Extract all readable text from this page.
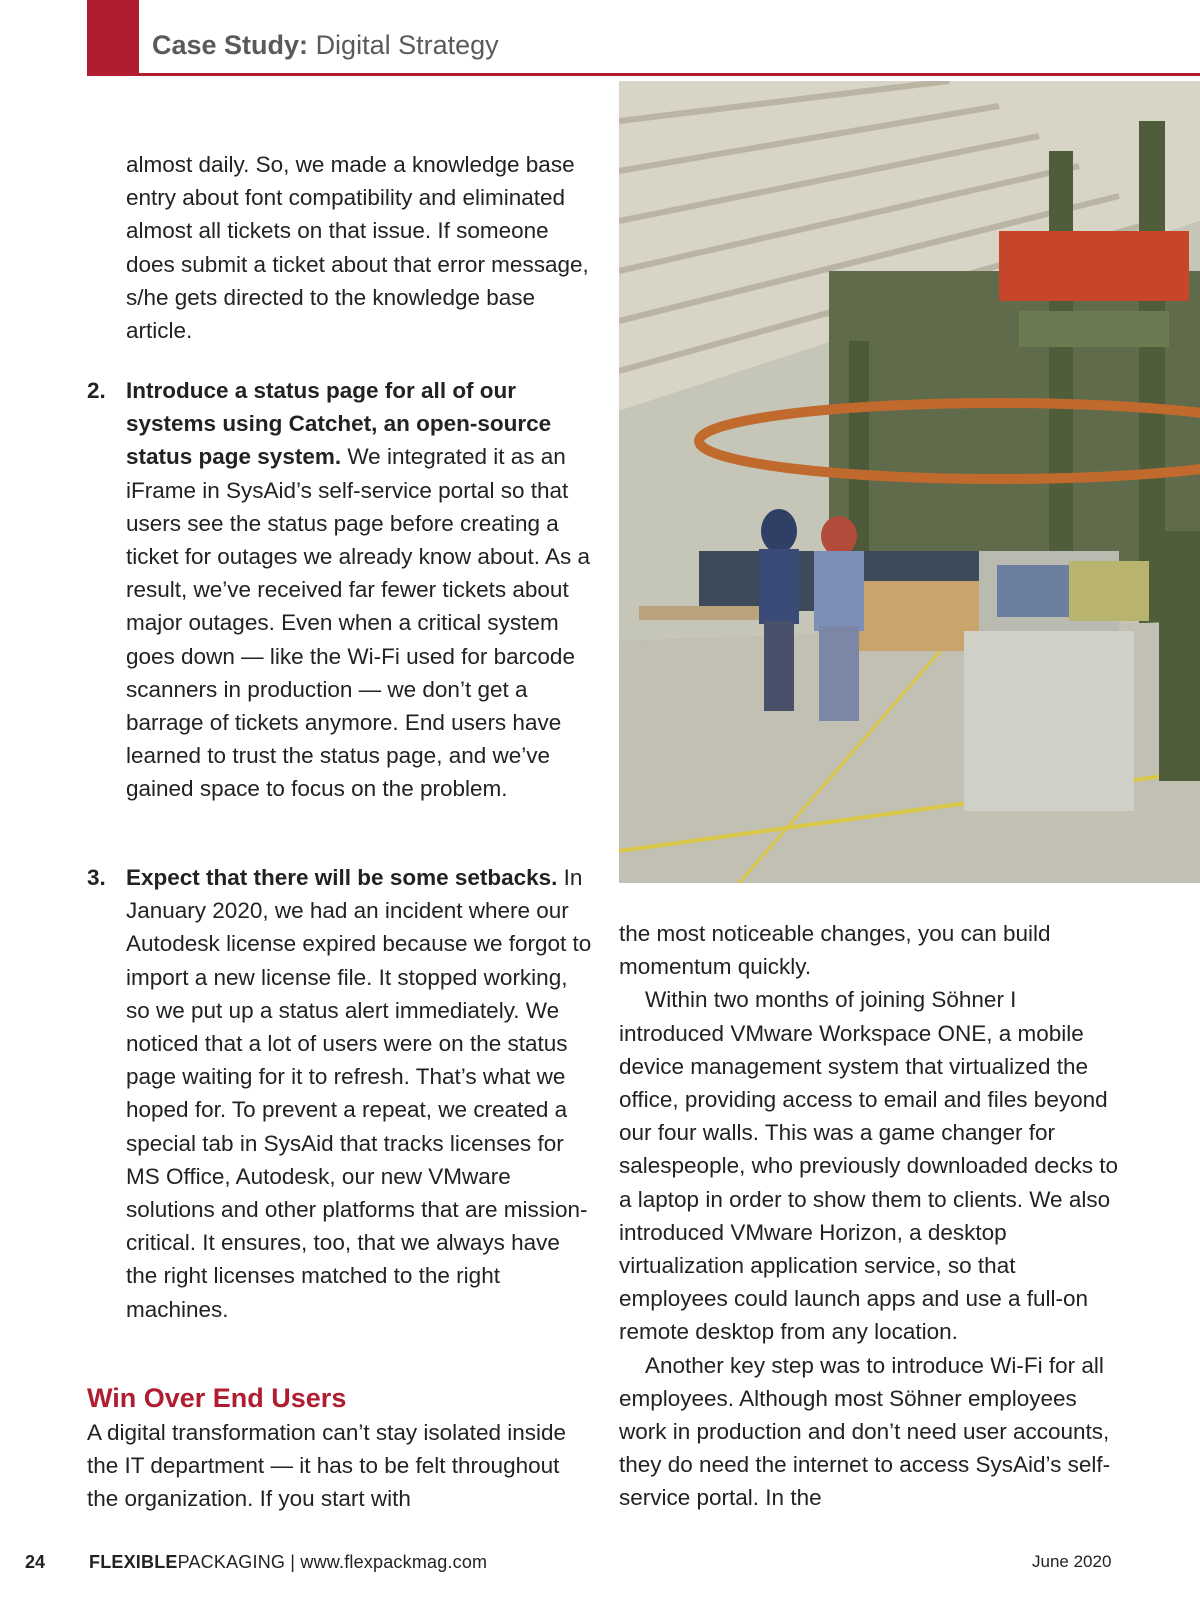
Case Study: Digital Strategy
almost daily. So, we made a knowledge base entry about font compatibility and eliminated almost all tickets on that issue. If someone does submit a ticket about that error message, s/he gets directed to the knowledge base article.
2. Introduce a status page for all of our systems using Catchet, an open-source status page system. We integrated it as an iFrame in SysAid’s self-service portal so that users see the status page before creating a ticket for outages we already know about. As a result, we’ve received far fewer tickets about major outages. Even when a critical system goes down — like the Wi-Fi used for barcode scanners in production — we don’t get a barrage of tickets anymore. End users have learned to trust the status page, and we’ve gained space to focus on the problem.
3. Expect that there will be some setbacks. In January 2020, we had an incident where our Autodesk license expired because we forgot to import a new license file. It stopped working, so we put up a status alert immediately. We noticed that a lot of users were on the status page waiting for it to refresh. That’s what we hoped for. To prevent a repeat, we created a special tab in SysAid that tracks licenses for MS Office, Autodesk, our new VMware solutions and other platforms that are mission-critical. It ensures, too, that we always have the right licenses matched to the right machines.
Win Over End Users
A digital transformation can’t stay isolated inside the IT department — it has to be felt throughout the organization. If you start with

the most noticeable changes, you can build momentum quickly.

Within two months of joining Söhner I introduced VMware Workspace ONE, a mobile device management system that virtualized the office, providing access to email and files beyond our four walls. This was a game changer for salespeople, who previously downloaded decks to a laptop in order to show them to clients. We also introduced VMware Horizon, a desktop virtualization application service, so that employees could launch apps and use a full-on remote desktop from any location.

Another key step was to introduce Wi-Fi for all employees. Although most Söhner employees work in production and don’t need user accounts, they do need the internet to access SysAid’s self-service portal. In the

24 FLEXIBLEPACKAGING | www.flexpackmag.com	June 2020
